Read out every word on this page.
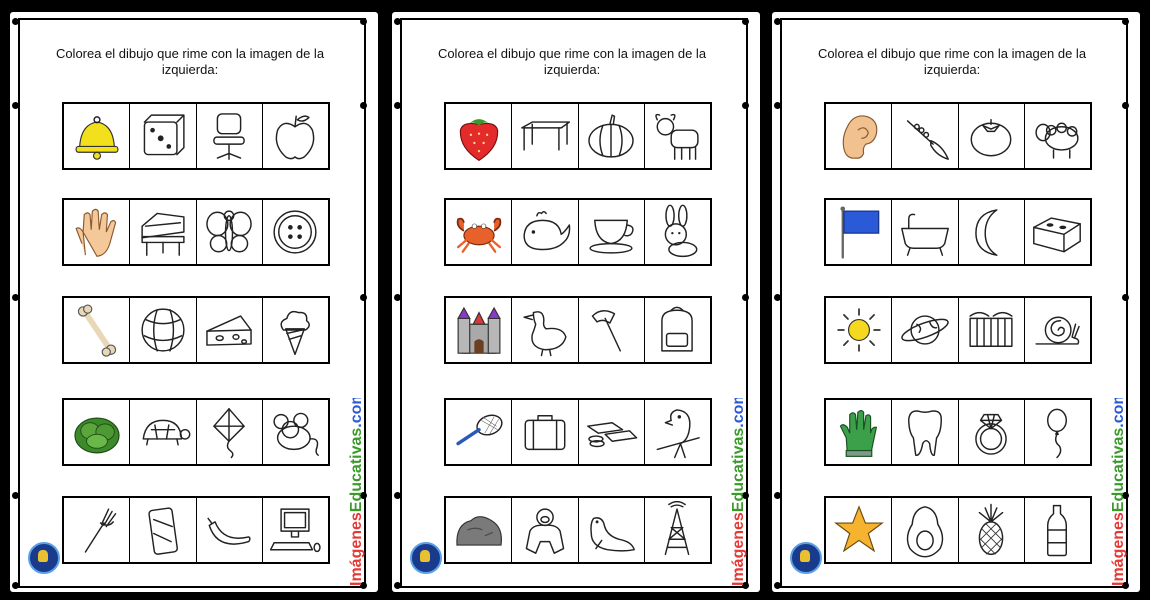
Colorea el dibujo que rime con la imagen de la izquierda:
ImágenesEducativas.com
Colorea el dibujo que rime con la imagen de la izquierda:
ImágenesEducativas.com
Colorea el dibujo que rime con la imagen de la izquierda:
ImágenesEducativas.com
